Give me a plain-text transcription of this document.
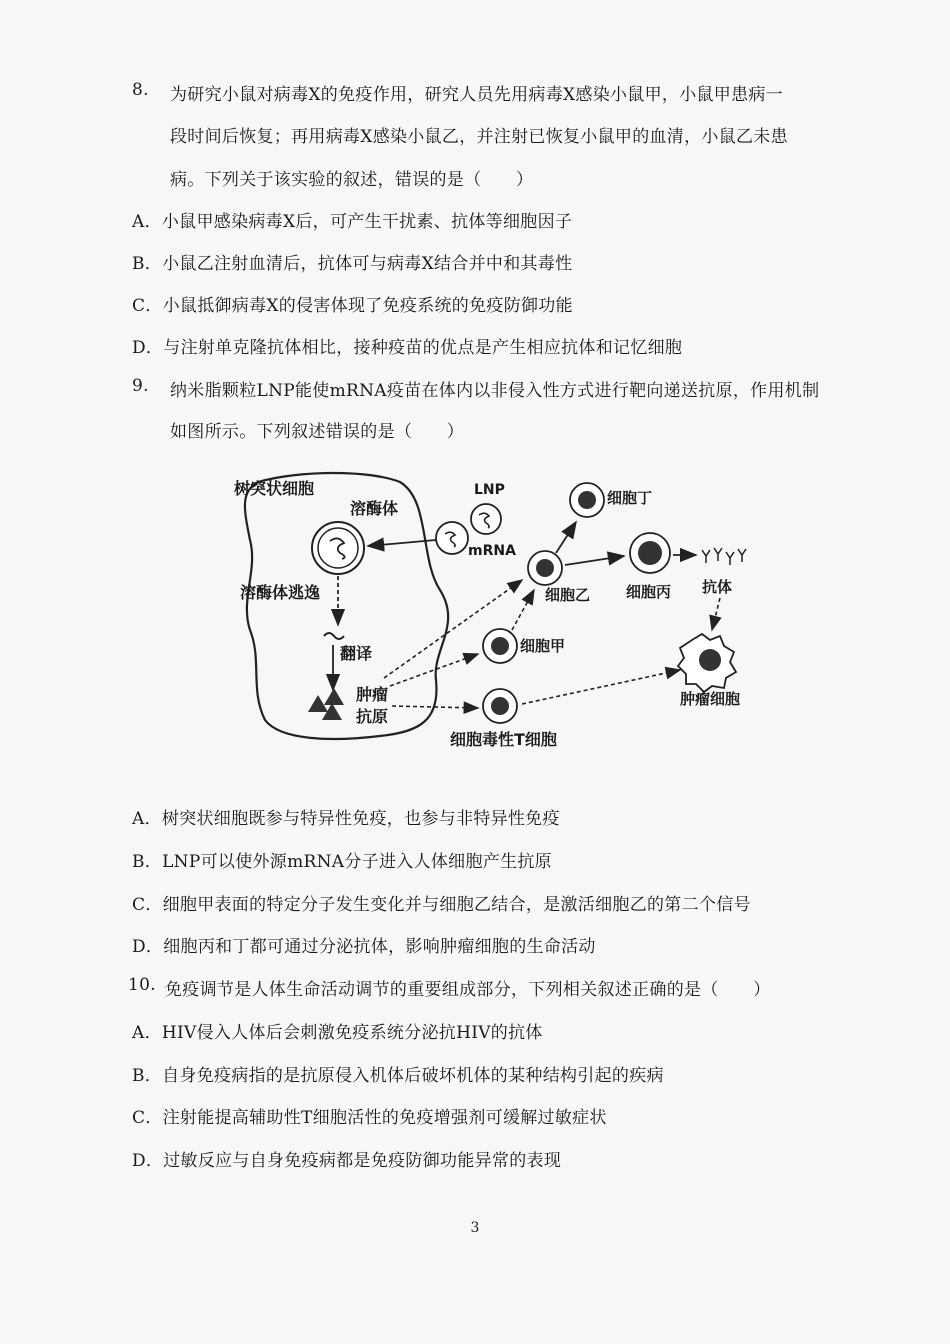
8. 为研究小鼠对病毒X的免疫作用，研究人员先用病毒X感染小鼠甲，小鼠甲患病一
段时间后恢复；再用病毒X感染小鼠乙，并注射已恢复小鼠甲的血清，小鼠乙未患
病。下列关于该实验的叙述，错误的是（　　）
A．小鼠甲感染病毒X后，可产生干扰素、抗体等细胞因子
B．小鼠乙注射血清后，抗体可与病毒X结合并中和其毒性
C．小鼠抵御病毒X的侵害体现了免疫系统的免疫防御功能
D．与注射单克隆抗体相比，接种疫苗的优点是产生相应抗体和记忆细胞
9. 纳米脂颗粒LNP能使mRNA疫苗在体内以非侵入性方式进行靶向递送抗原，作用机制
如图所示。下列叙述错误的是（　　）
树突状细胞
溶酶体
LNP
mRNA
溶酶体逃逸
翻译
肿瘤
抗原
细胞甲
细胞乙
细胞丁
细胞丙 抗体
肿瘤细胞
细胞毒性T细胞
A．树突状细胞既参与特异性免疫，也参与非特异性免疫
B．LNP可以使外源mRNA分子进入人体细胞产生抗原
C．细胞甲表面的特定分子发生变化并与细胞乙结合，是激活细胞乙的第二个信号
D．细胞丙和丁都可通过分泌抗体，影响肿瘤细胞的生命活动
10. 免疫调节是人体生命活动调节的重要组成部分，下列相关叙述正确的是（　　）
A．HIV侵入人体后会刺激免疫系统分泌抗HIV的抗体
B．自身免疫病指的是抗原侵入机体后破坏机体的某种结构引起的疾病
C．注射能提高辅助性T细胞活性的免疫增强剂可缓解过敏症状
D．过敏反应与自身免疫病都是免疫防御功能异常的表现
3
